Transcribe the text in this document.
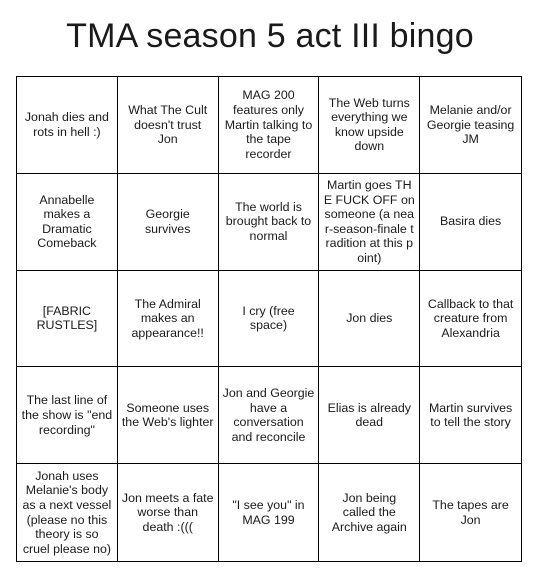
TMA season 5 act III bingo
Jonah dies and rots in hell :)
What The Cult doesn't trust Jon
MAG 200 features only Martin talking to the tape recorder
The Web turns everything we know upside down
Melanie and/or Georgie teasing JM
Annabelle makes a Dramatic Comeback
Georgie survives
The world is brought back to normal
Martin goes THE FUCK OFF on someone (a near-season-finale tradition at this point)
Basira dies
[FABRIC RUSTLES]
The Admiral makes an appearance!!
I cry (free space)
Jon dies
Callback to that creature from Alexandria
The last line of the show is "end recording"
Someone uses the Web's lighter
Jon and Georgie have a conversation and reconcile
Elias is already dead
Martin survives to tell the story
Jonah uses Melanie's body as a next vessel (please no this theory is so cruel please no)
Jon meets a fate worse than death :(((
"I see you" in MAG 199
Jon being called the Archive again
The tapes are Jon
